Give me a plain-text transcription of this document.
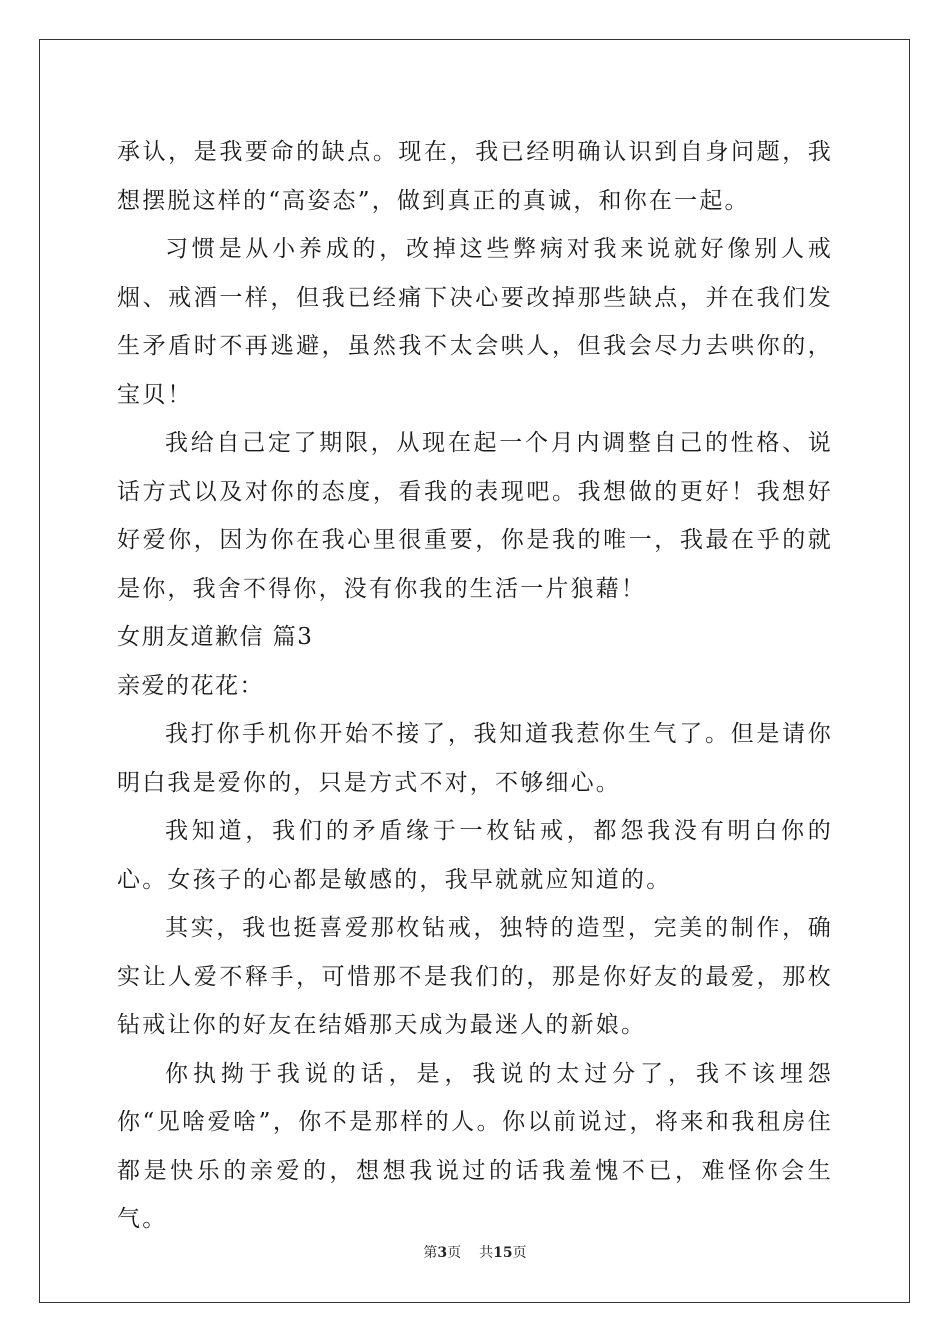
承认，是我要命的缺点。现在，我已经明确认识到自身问题，我想摆脱这样的“高姿态”，做到真正的真诚，和你在一起。

习惯是从小养成的，改掉这些弊病对我来说就好像别人戒烟、戒酒一样，但我已经痛下决心要改掉那些缺点，并在我们发生矛盾时不再逃避，虽然我不太会哄人，但我会尽力去哄你的，宝贝！

我给自己定了期限，从现在起一个月内调整自己的性格、说话方式以及对你的态度，看我的表现吧。我想做的更好！我想好好爱你，因为你在我心里很重要，你是我的唯一，我最在乎的就是你，我舍不得你，没有你我的生活一片狼藉！

女朋友道歉信 篇3

亲爱的花花：

我打你手机你开始不接了，我知道我惹你生气了。但是请你明白我是爱你的，只是方式不对，不够细心。

我知道，我们的矛盾缘于一枚钻戒，都怨我没有明白你的心。女孩子的心都是敏感的，我早就就应知道的。

其实，我也挺喜爱那枚钻戒，独特的造型，完美的制作，确实让人爱不释手，可惜那不是我们的，那是你好友的最爱，那枚钻戒让你的好友在结婚那天成为最迷人的新娘。

你执拗于我说的话，是，我说的太过分了，我不该埋怨你“见啥爱啥”，你不是那样的人。你以前说过，将来和我租房住都是快乐的亲爱的，想想我说过的话我羞愧不已，难怪你会生气。

第3页 共15页
